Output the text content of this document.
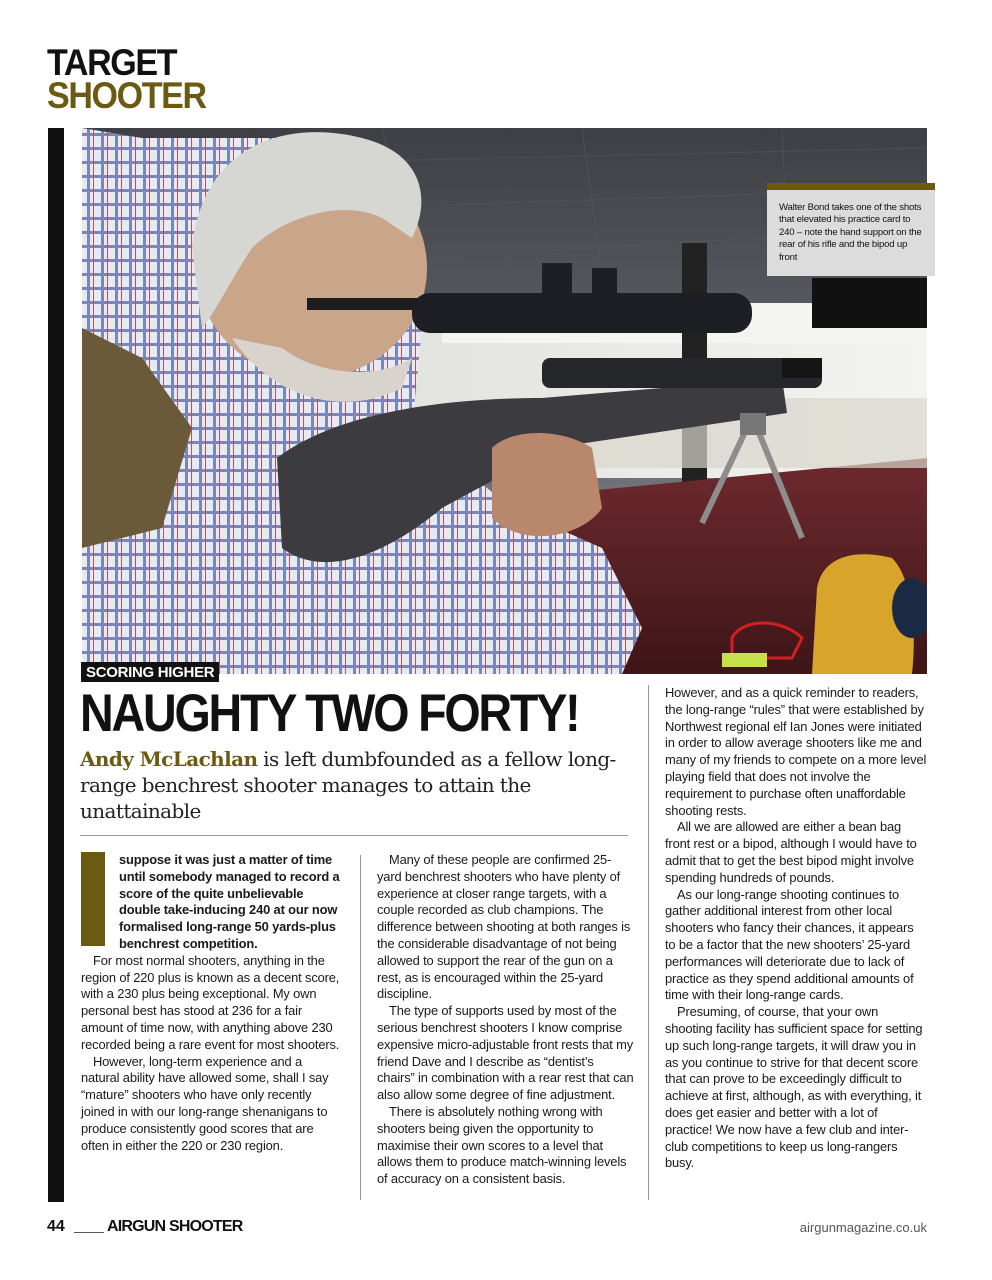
TARGET
SHOOTER
Walter Bond takes one of the shots that elevated his practice card to 240 – note the hand support on the rear of his rifle and the bipod up front
SCORING HIGHER
NAUGHTY TWO FORTY!
Andy McLachlan is left dumbfounded as a fellow long-range benchrest shooter manages to attain the unattainable
suppose it was just a matter of time until somebody managed to record a score of the quite unbelievable double take-inducing 240 at our now formalised long-range 50 yards-plus benchrest competition.

For most normal shooters, anything in the region of 220 plus is known as a decent score, with a 230 plus being exceptional. My own personal best has stood at 236 for a fair amount of time now, with anything above 230 recorded being a rare event for most shooters.

However, long-term experience and a natural ability have allowed some, shall I say “mature” shooters who have only recently joined in with our long-range shenanigans to produce consistently good scores that are often in either the 220 or 230 region.

Many of these people are confirmed 25-yard benchrest shooters who have plenty of experience at closer range targets, with a couple recorded as club champions. The difference between shooting at both ranges is the considerable disadvantage of not being allowed to support the rear of the gun on a rest, as is encouraged within the 25-yard discipline.

The type of supports used by most of the serious benchrest shooters I know comprise expensive micro-adjustable front rests that my friend Dave and I describe as “dentist’s chairs” in combination with a rear rest that can also allow some degree of fine adjustment.

There is absolutely nothing wrong with shooters being given the opportunity to maximise their own scores to a level that allows them to produce match-winning levels of accuracy on a consistent basis.

However, and as a quick reminder to readers, the long-range “rules” that were established by Northwest regional elf Ian Jones were initiated in order to allow average shooters like me and many of my friends to compete on a more level playing field that does not involve the requirement to purchase often unaffordable shooting rests.

All we are allowed are either a bean bag front rest or a bipod, although I would have to admit that to get the best bipod might involve spending hundreds of pounds.

As our long-range shooting continues to gather additional interest from other local shooters who fancy their chances, it appears to be a factor that the new shooters’ 25-yard performances will deteriorate due to lack of practice as they spend additional amounts of time with their long-range cards.

Presuming, of course, that your own shooting facility has sufficient space for setting up such long-range targets, it will draw you in as you continue to strive for that decent score that can prove to be exceedingly difficult to achieve at first, although, as with everything, it does get easier and better with a lot of practice! We now have a few club and inter-club competitions to keep us long-rangers busy.

44	AIRGUN SHOOTER	airgunmagazine.co.uk
